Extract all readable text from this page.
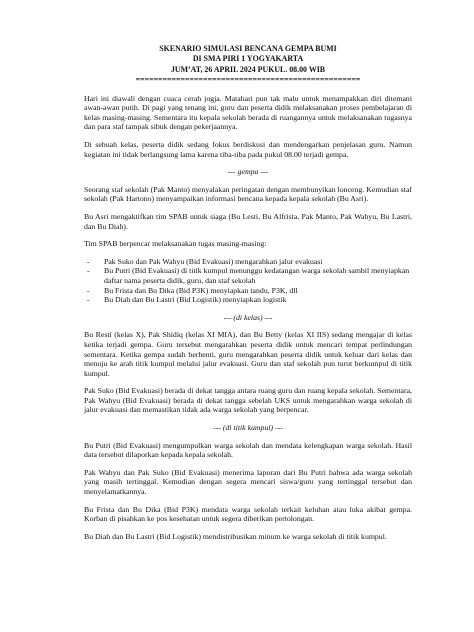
SKENARIO SIMULASI BENCANA GEMPA BUMI
DI SMA PIRI 1 YOGYAKARTA
JUM’AT, 26 APRIL 2024 PUKUL. 08.00 WIB
==================================================

Hari ini diawali dengan cuaca cerah jogja. Matahari pun tak malu untuk menampakkan diri ditemani awan-awan putih. Di pagi yang tenang ini, guru dan peserta didik melaksanakan proses pembelajaran di kelas masing-masing. Sementara itu kepala sekolah berada di ruangannya untuk melaksanakan tugasnya dan para staf tampak sibuk dengan pekerjaannya.

Di sebuah kelas, peserta didik sedang fokus berdiskusi dan mendengarkan penjelasan guru. Namun kegiatan ini tidak berlangsung lama karena tiba-tiba pada pukul 08.00 terjadi gempa.

--- gempa ---

Seorang staf sekolah (Pak Manto) menyalakan peringatan dengan membunyikan lonceng. Kemudian staf sekolah (Pak Hartono) menyampaikan informasi bencana kepada kepala sekolah (Bu Asri).

Bu Asri mengaktifkan tim SPAB untuk siaga (Bu Lesti, Bu Alfrista, Pak Manto, Pak Wahyu, Bu Lastri, dan Bu Diah).

Tim SPAB berpencar melaksanakan tugas masing-masing:

- Pak Suko dan Pak Wahyu (Bid Evakuasi) mengarahkan jalur evakuasi
- Bu Putri (Bid Evakuasi) di titik kumpul menunggu kedatangan warga sekolah sambil menyiapkan daftar nama peserta didik, guru, dan staf sekolah
- Bu Frista dan Bu Dika (Bid P3K) menyiapkan tandu, P3K, dll
- Bu Diah dan Bu Lastri (Bid Logistik) menyiapkan logistik
--- (di kelas) ---

Bu Resti (kelas X), Pak Shidiq (kelas XI MIA), dan Bu Betty (kelas XI IIS) sedang mengajar di kelas ketika terjadi gempa. Guru tersebut mengarahkan peserta didik untuk mencari tempat perlindungan sementara. Ketika gempa sudah berhenti, guru mengarahkan peserta didik untuk keluar dari kelas dan menuju ke arah titik kumpul melalui jalur evakuasi. Guru dan staf sekolah pun turut berkumpul di titik kumpul.

Pak Suko (Bid Evakuasi) berada di dekat tangga antara ruang guru dan ruang kepala sekolah. Sementara, Pak Wahyu (Bid Evakuasi) berada di dekat tangga sebelah UKS untuk mengarahkan warga sekolah di jalur evakuasi dan memastikan tidak ada warga sekolah yang berpencar.

--- (di titik kumpul) ---

Bu Putri (Bid Evakuasi) mengumpulkan warga sekolah dan mendata kelengkapan warga sekolah. Hasil data tersebut dilaporkan kepada kepala sekolah.

Pak Wahyu dan Pak Suko (Bid Evakuasi) menerima laporan dari Bu Putri bahwa ada warga sekolah yang masih tertinggal. Kemudian dengan segera mencari siswa/guru yang tertinggal tersebut dan menyelamatkannya.

Bu Frista dan Bu Dika (Bid P3K) mendata warga sekolah terkait keluhan atau luka akibat gempa. Korban di pisahkan ke pos kesehatan untuk segera diberikan pertolongan.

Bu Diah dan Bu Lastri (Bid Logistik) mendistribusikan minum ke warga sekolah di titik kumpul.
